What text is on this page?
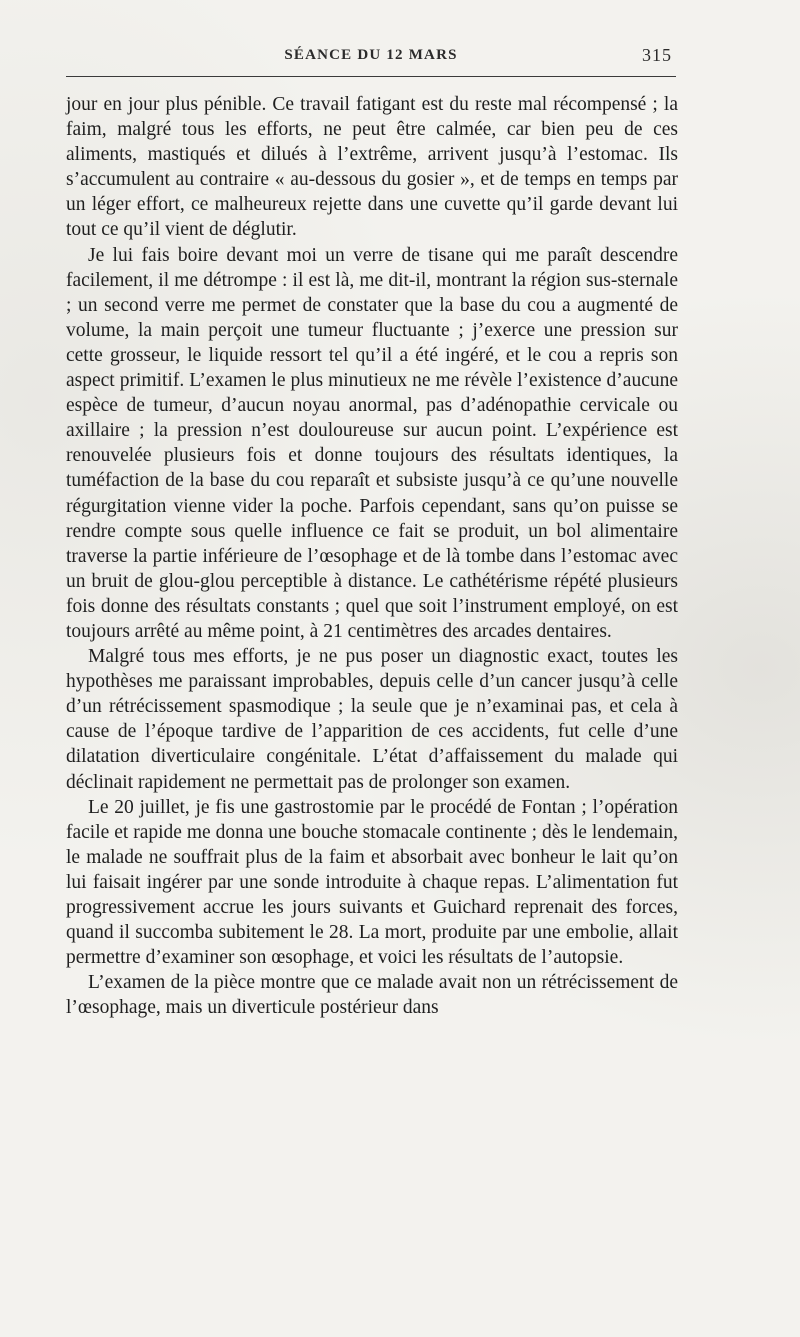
SÉANCE DU 12 MARS	315

jour en jour plus pénible. Ce travail fatigant est du reste mal récompensé ; la faim, malgré tous les efforts, ne peut être calmée, car bien peu de ces aliments, mastiqués et dilués à l’extrême, arrivent jusqu’à l’estomac. Ils s’accumulent au contraire « au-dessous du gosier », et de temps en temps par un léger effort, ce malheureux rejette dans une cuvette qu’il garde devant lui tout ce qu’il vient de déglutir.

Je lui fais boire devant moi un verre de tisane qui me paraît descendre facilement, il me détrompe : il est là, me dit-il, montrant la région sus-sternale ; un second verre me permet de constater que la base du cou a augmenté de volume, la main perçoit une tumeur fluctuante ; j’exerce une pression sur cette grosseur, le liquide ressort tel qu’il a été ingéré, et le cou a repris son aspect primitif. L’examen le plus minutieux ne me révèle l’existence d’aucune espèce de tumeur, d’aucun noyau anormal, pas d’adénopathie cervicale ou axillaire ; la pression n’est douloureuse sur aucun point. L’expérience est renouvelée plusieurs fois et donne toujours des résultats identiques, la tuméfaction de la base du cou reparaît et subsiste jusqu’à ce qu’une nouvelle régurgitation vienne vider la poche. Parfois cependant, sans qu’on puisse se rendre compte sous quelle influence ce fait se produit, un bol alimentaire traverse la partie inférieure de l’œsophage et de là tombe dans l’estomac avec un bruit de glou-glou perceptible à distance. Le cathétérisme répété plusieurs fois donne des résultats constants ; quel que soit l’instrument employé, on est toujours arrêté au même point, à 21 centimètres des arcades dentaires.

Malgré tous mes efforts, je ne pus poser un diagnostic exact, toutes les hypothèses me paraissant improbables, depuis celle d’un cancer jusqu’à celle d’un rétrécissement spasmodique ; la seule que je n’examinai pas, et cela à cause de l’époque tardive de l’apparition de ces accidents, fut celle d’une dilatation diverticulaire congénitale. L’état d’affaissement du malade qui déclinait rapidement ne permettait pas de prolonger son examen.

Le 20 juillet, je fis une gastrostomie par le procédé de Fontan ; l’opération facile et rapide me donna une bouche stomacale continente ; dès le lendemain, le malade ne souffrait plus de la faim et absorbait avec bonheur le lait qu’on lui faisait ingérer par une sonde introduite à chaque repas. L’alimentation fut progressivement accrue les jours suivants et Guichard reprenait des forces, quand il succomba subitement le 28. La mort, produite par une embolie, allait permettre d’examiner son œsophage, et voici les résultats de l’autopsie.

L’examen de la pièce montre que ce malade avait non un rétrécissement de l’œsophage, mais un diverticule postérieur dans
